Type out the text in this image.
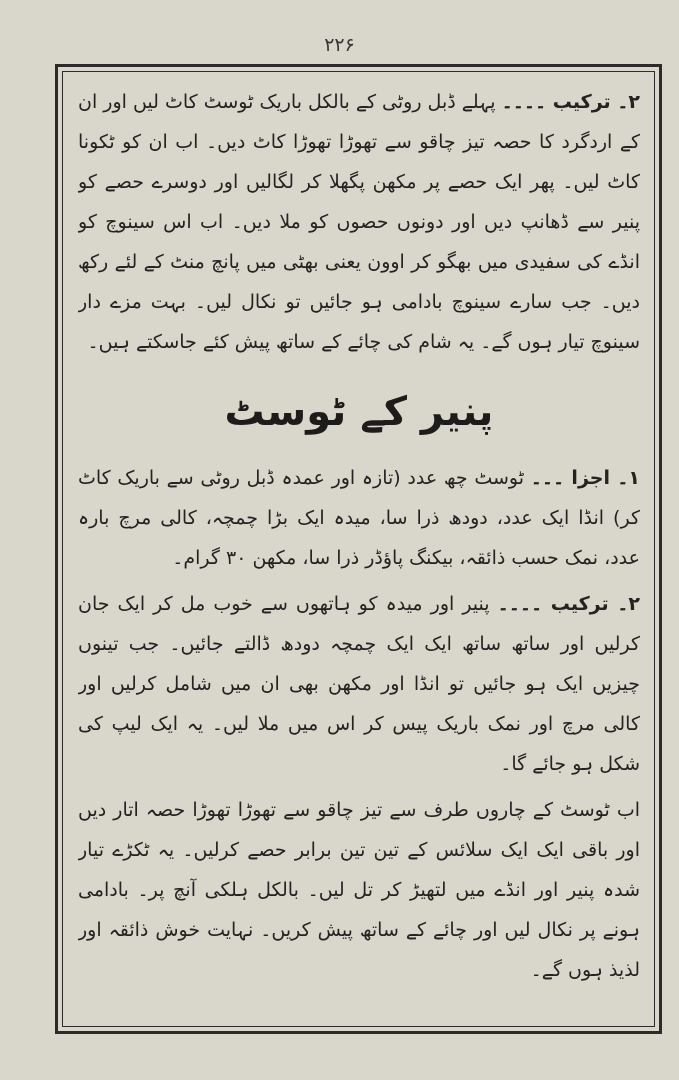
۲۲۶

۲۔ ترکیب ۔۔۔۔ پہلے ڈبل روٹی کے بالکل باریک ٹوسٹ کاٹ لیں اور ان کے اردگرد کا حصہ تیز چاقو سے تھوڑا تھوڑا کاٹ دیں۔ اب ان کو ٹکونا کاٹ لیں۔ پھر ایک حصے پر مکھن پگھلا کر لگالیں اور دوسرے حصے کو پنیر سے ڈھانپ دیں اور دونوں حصوں کو ملا دیں۔ اب اس سینوچ کو انڈے کی سفیدی میں بھگو کر اوون یعنی بھٹی میں پانچ منٹ کے لئے رکھ دیں۔ جب سارے سینوچ بادامی ہو جائیں تو نکال لیں۔ بہت مزے دار سینوچ تیار ہوں گے۔ یہ شام کی چائے کے ساتھ پیش کئے جاسکتے ہیں۔

پنیر کے ٹوسٹ

۱۔ اجزا ۔۔۔ ٹوسٹ چھ عدد (تازہ اور عمدہ ڈبل روٹی سے باریک کاٹ کر) انڈا ایک عدد، دودھ ذرا سا، میدہ ایک بڑا چمچہ، کالی مرچ بارہ عدد، نمک حسب ذائقہ، بیکنگ پاؤڈر ذرا سا، مکھن ۳۰ گرام۔

۲۔ ترکیب ۔۔۔۔ پنیر اور میدہ کو ہاتھوں سے خوب مل کر ایک جان کرلیں اور ساتھ ساتھ ایک ایک چمچہ دودھ ڈالتے جائیں۔ جب تینوں چیزیں ایک ہو جائیں تو انڈا اور مکھن بھی ان میں شامل کرلیں اور کالی مرچ اور نمک باریک پیس کر اس میں ملا لیں۔ یہ ایک لیپ کی شکل ہو جائے گا۔

اب ٹوسٹ کے چاروں طرف سے تیز چاقو سے تھوڑا تھوڑا حصہ اتار دیں اور باقی ایک ایک سلائس کے تین تین برابر حصے کرلیں۔ یہ ٹکڑے تیار شدہ پنیر اور انڈے میں لتھیڑ کر تل لیں۔ بالکل ہلکی آنچ پر۔ بادامی ہونے پر نکال لیں اور چائے کے ساتھ پیش کریں۔ نہایت خوش ذائقہ اور لذیذ ہوں گے۔
